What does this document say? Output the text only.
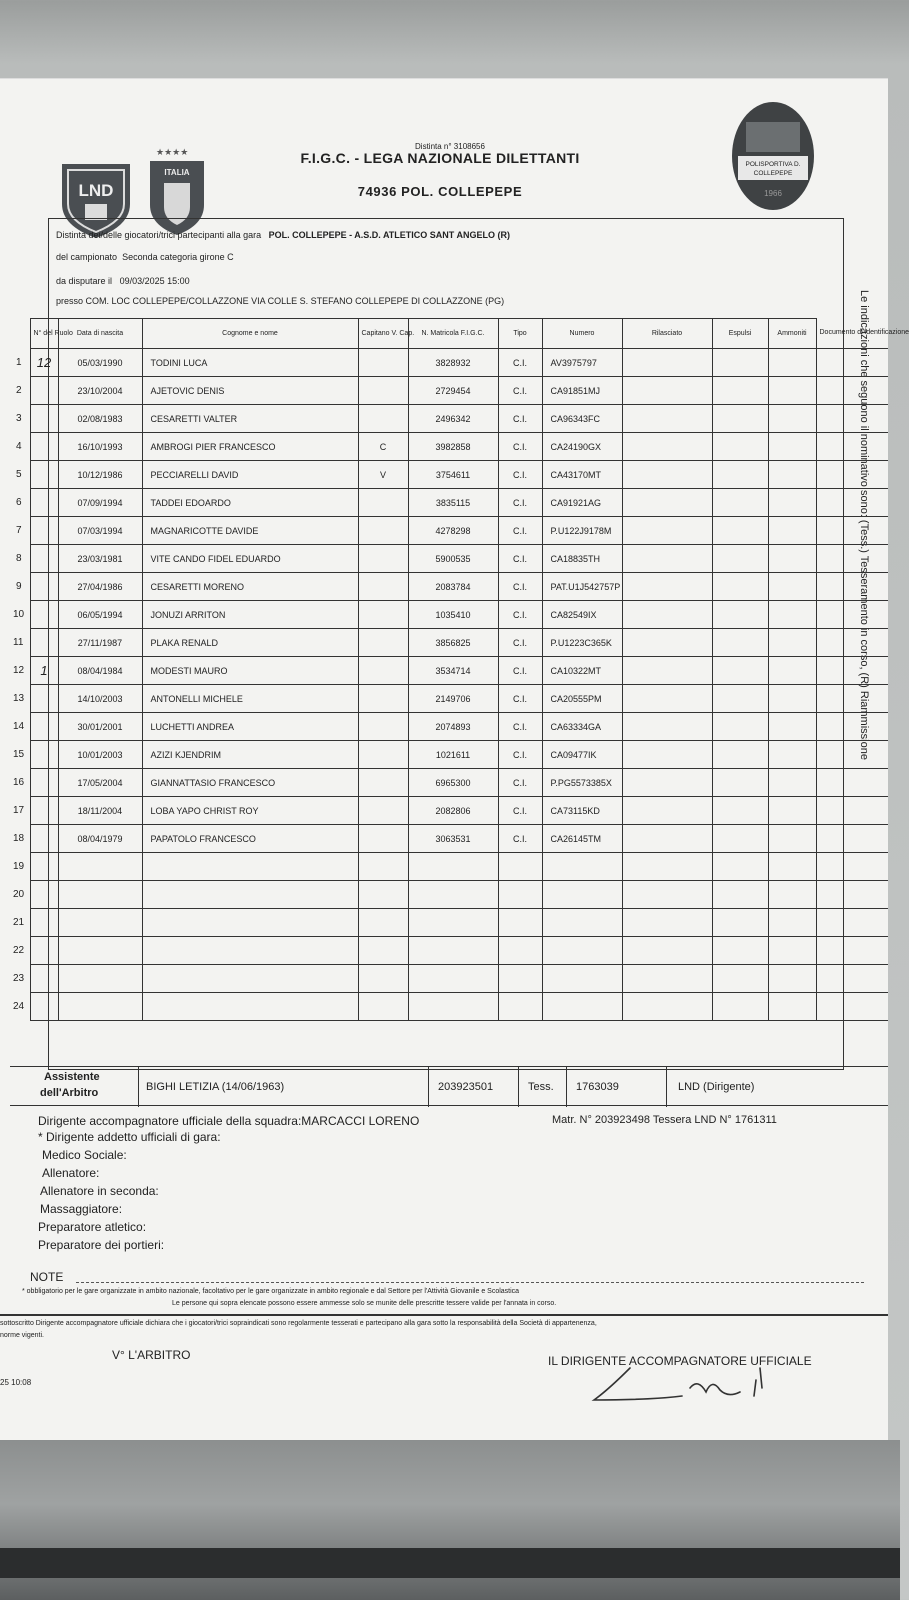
LND
★★★★
ITALIA
POLISPORTIVA D.
COLLEPEPE
1966
Distinta n° 3108656
F.I.G.C. - LEGA NAZIONALE DILETTANTI
74936 POL. COLLEPEPE
Distinta dei/delle giocatori/trici partecipanti alla gara POL. COLLEPEPE - A.S.D. ATLETICO SANT ANGELO (R)
del campionato Seconda categoria girone C
da disputare il 09/03/2025 15:00
presso COM. LOC COLLEPEPE/COLLAZZONE VIA COLLE S. STEFANO COLLEPEPE DI COLLAZZONE (PG)	Le indicazioni che seguono il nominativo sono: (Tess.) Tesseramento in corso, (R) Riammissione
	N° del Ruolo	Data di nascita	Cognome e nome	Capitano V. Cap.	N. Matricola F.I.G.C.	Tipo	Numero	Rilasciato	Espulsi	Ammoniti	Documento di identificazione
1	12	05/03/1990	TODINI LUCA		3828932	C.I.	AV3975797				
2		23/10/2004	AJETOVIC DENIS		2729454	C.I.	CA91851MJ				
3		02/08/1983	CESARETTI VALTER		2496342	C.I.	CA96343FC				
4		16/10/1993	AMBROGI PIER FRANCESCO	C	3982858	C.I.	CA24190GX				
5		10/12/1986	PECCIARELLI DAVID	V	3754611	C.I.	CA43170MT				
6		07/09/1994	TADDEI EDOARDO		3835115	C.I.	CA91921AG				
7		07/03/1994	MAGNARICOTTE DAVIDE		4278298	C.I.	P.U122J9178M				
8		23/03/1981	VITE CANDO FIDEL EDUARDO		5900535	C.I.	CA18835TH				
9		27/04/1986	CESARETTI MORENO		2083784	C.I.	PAT.U1J542757P				
10		06/05/1994	JONUZI ARRITON		1035410	C.I.	CA82549IX				
11		27/11/1987	PLAKA RENALD		3856825	C.I.	P.U1223C365K				
12	1	08/04/1984	MODESTI MAURO		3534714	C.I.	CA10322MT				
13		14/10/2003	ANTONELLI MICHELE		2149706	C.I.	CA20555PM				
14		30/01/2001	LUCHETTI ANDREA		2074893	C.I.	CA63334GA				
15		10/01/2003	AZIZI KJENDRIM		1021611	C.I.	CA09477IK				
16		17/05/2004	GIANNATTASIO FRANCESCO		6965300	C.I.	P.PG5573385X				
17		18/11/2004	LOBA YAPO CHRIST ROY		2082806	C.I.	CA73115KD				
18		08/04/1979	PAPATOLO FRANCESCO		3063531	C.I.	CA26145TM				
19											
20											
21											
22											
23											
24											
Assistente
dell'Arbitro	BIGHI LETIZIA (14/06/1963)	203923501	Tess. 1763039	LND (Dirigente)
Dirigente accompagnatore ufficiale della squadra:MARCACCI LORENO	Matr. N° 203923498 Tessera LND N° 1761311
* Dirigente addetto ufficiali di gara:
Medico Sociale:
Allenatore:
Allenatore in seconda:
Massaggiatore:
Preparatore atletico:
Preparatore dei portieri:
NOTE
* obbligatorio per le gare organizzate in ambito nazionale, facoltativo per le gare organizzate in ambito regionale e dal Settore per l'Attività Giovanile e Scolastica
Le persone qui sopra elencate possono essere ammesse solo se munite delle prescritte tessere valide per l'annata in corso.
sottoscritto Dirigente accompagnatore ufficiale dichiara che i giocatori/trici sopraindicati sono regolarmente tesserati e partecipano alla gara sotto la responsabilità della Società di appartenenza,
norme vigenti.
V° L'ARBITRO	IL DIRIGENTE ACCOMPAGNATORE UFFICIALE
25 10:08
